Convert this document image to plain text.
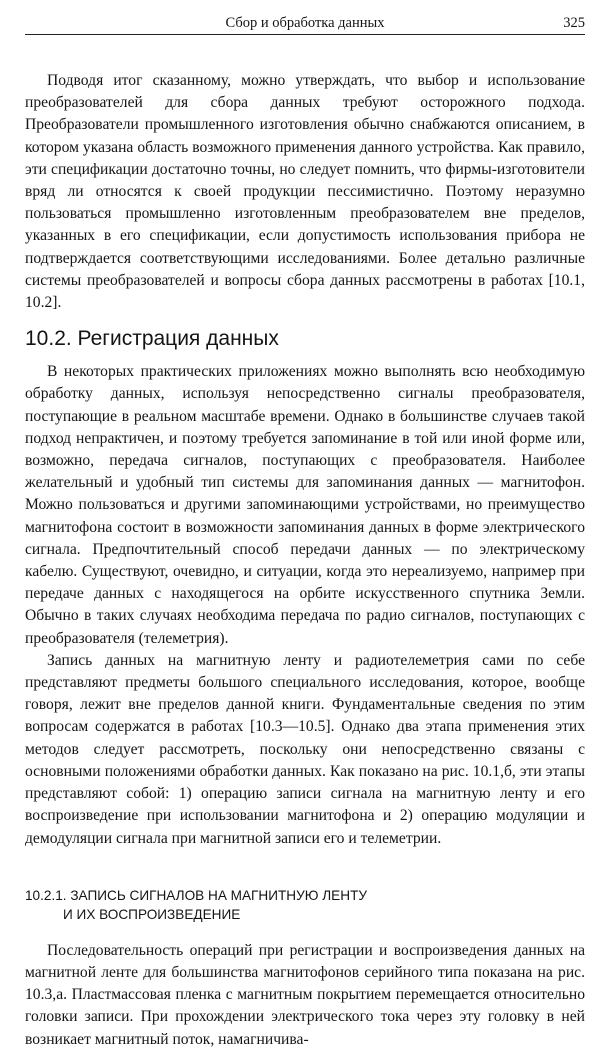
Сбор и обработка данных	325

Подводя итог сказанному, можно утверждать, что выбор и использование преобразователей для сбора данных требуют осторожного подхода. Преобразователи промышленного изготовления обычно снабжаются описанием, в котором указана область возможного применения данного устройства. Как правило, эти спецификации достаточно точны, но следует помнить, что фирмы-изготовители вряд ли относятся к своей продукции пессимистично. Поэтому неразумно пользоваться промышленно изготовленным преобразователем вне пределов, указанных в его спецификации, если допустимость использования прибора не подтверждается соответствующими исследованиями. Более детально различные системы преобразователей и вопросы сбора данных рассмотрены в работах [10.1, 10.2].

10.2. Регистрация данных

В некоторых практических приложениях можно выполнять всю необходимую обработку данных, используя непосредственно сигналы преобразователя, поступающие в реальном масштабе времени. Однако в большинстве случаев такой подход непрактичен, и поэтому требуется запоминание в той или иной форме или, возможно, передача сигналов, поступающих с преобразователя. Наиболее желательный и удобный тип системы для запоминания данных — магнитофон. Можно пользоваться и другими запоминающими устройствами, но преимущество магнитофона состоит в возможности запоминания данных в форме электрического сигнала. Предпочтительный способ передачи данных — по электрическому кабелю. Существуют, очевидно, и ситуации, когда это нереализуемо, например при передаче данных с находящегося на орбите искусственного спутника Земли. Обычно в таких случаях необходима передача по радио сигналов, поступающих с преобразователя (телеметрия).

Запись данных на магнитную ленту и радиотелеметрия сами по себе представляют предметы большого специального исследования, которое, вообще говоря, лежит вне пределов данной книги. Фундаментальные сведения по этим вопросам содержатся в работах [10.3—10.5]. Однако два этапа применения этих методов следует рассмотреть, поскольку они непосредственно связаны с основными положениями обработки данных. Как показано на рис. 10.1,б, эти этапы представляют собой: 1) операцию записи сигнала на магнитную ленту и его воспроизведение при использовании магнитофона и 2) операцию модуляции и демодуляции сигнала при магнитной записи его и телеметрии.

10.2.1. ЗАПИСЬ СИГНАЛОВ НА МАГНИТНУЮ ЛЕНТУ
И ИХ ВОСПРОИЗВЕДЕНИЕ

Последовательность операций при регистрации и воспроизведения данных на магнитной ленте для большинства магнитофонов серийного типа показана на рис. 10.3,а. Пластмассовая пленка с магнитным покрытием перемещается относительно головки записи. При прохождении электрического тока через эту головку в ней возникает магнитный поток, намагничива-
